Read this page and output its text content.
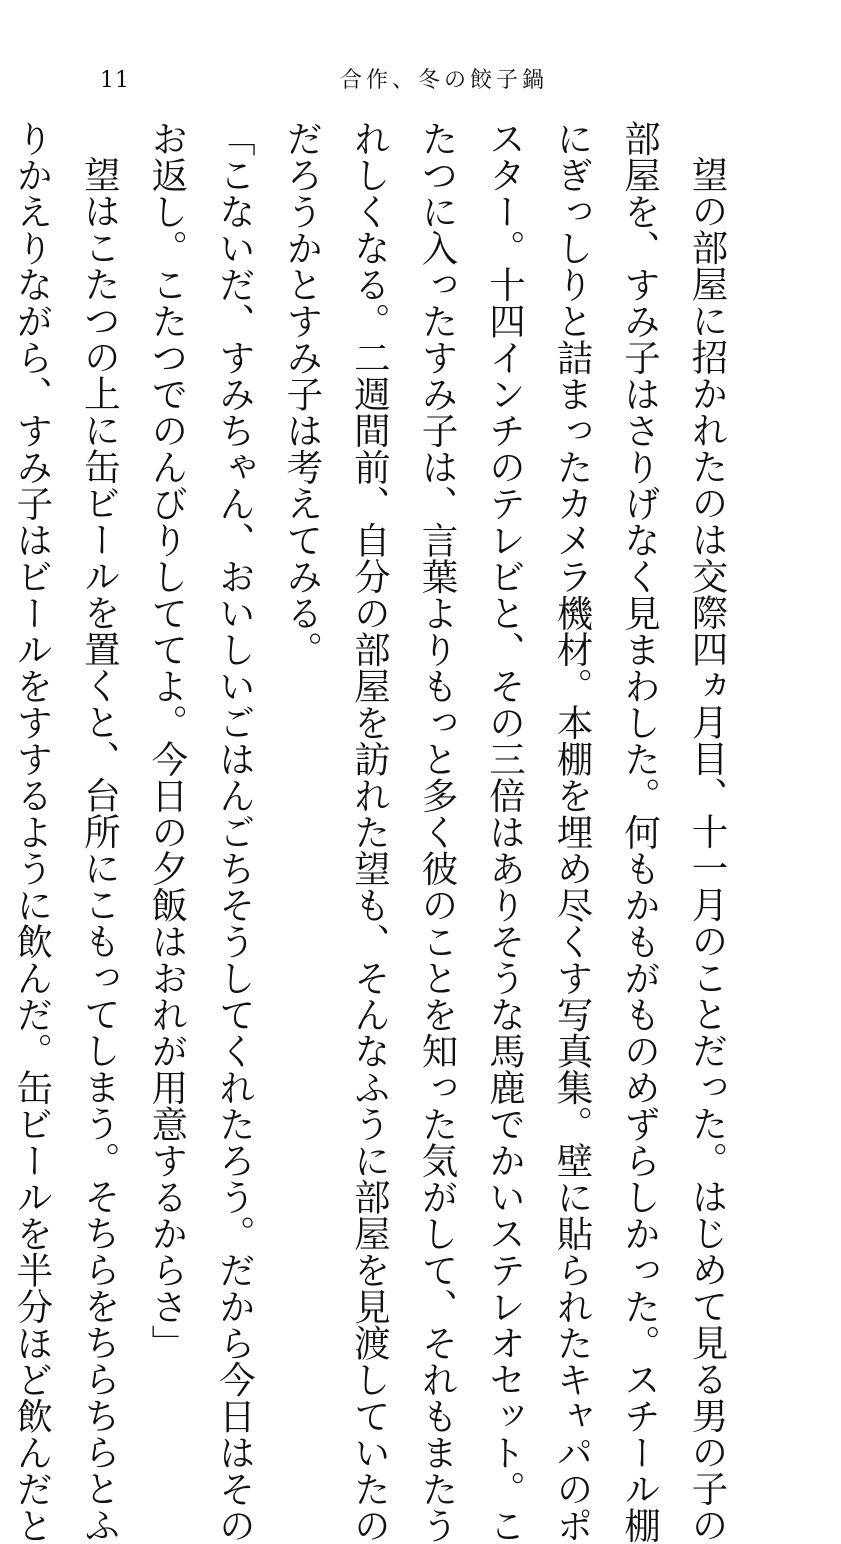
11	合作、冬の餃子鍋
望の部屋に招かれたのは交際四ヵ月目、十一月のことだった。はじめて見る男の子の
部屋を、すみ子はさりげなく見まわした。何もかもがものめずらしかった。スチール棚
にぎっしりと詰まったカメラ機材。本棚を埋め尽くす写真集。壁に貼られたキャパのポ
スター。十四インチのテレビと、その三倍はありそうな馬鹿でかいステレオセット。こ
たつに入ったすみ子は、言葉よりもっと多く彼のことを知った気がして、それもまたう
れしくなる。二週間前、自分の部屋を訪れた望も、そんなふうに部屋を見渡していたの
だろうかとすみ子は考えてみる。
「こないだ、すみちゃん、おいしいごはんごちそうしてくれたろう。だから今日はその
お返し。こたつでのんびりしててよ。今日の夕飯はおれが用意するからさ」
望はこたつの上に缶ビールを置くと、台所にこもってしまう。そちらをちらちらとふ
りかえりながら、すみ子はビールをすするように飲んだ。缶ビールを半分ほど飲んだと
